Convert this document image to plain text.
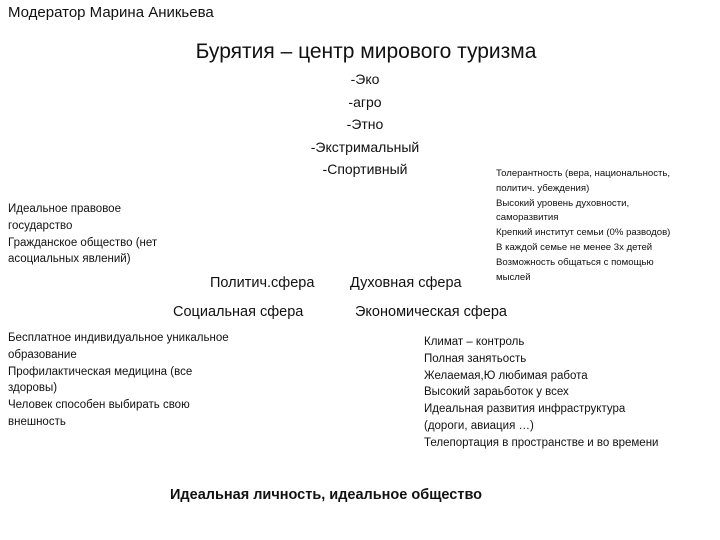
Модератор Марина Аникьева
Бурятия – центр мирового туризма
-Эко
-агро
-Этно
-Экстримальный
-Спортивный	Толерантность (вера, национальность,
политич. убеждения)
Высокий уровень духовности,
саморазвития
Крепкий институт семьи (0% разводов)
В каждой семье не менее 3х детей
Возможность общаться с помощью
мыслей
Идеальное правовое
государство
Гражданское общество (нет
асоциальных явлений)
Политич.сфера Духовная сфера
Социальная сфера	Экономическая сфера
Бесплатное индивидуальное уникальное
образование
Профилактическая медицина (все
здоровы)
Человек способен выбирать свою
внешность
Климат – контроль
Полная занятьость
Желаемая,Ю любимая работа
Высокий зараьботок у всех
Идеальная развития инфраструктура
(дороги, авиация …)
Телепортация в пространстве и во времени
Идеальная личность, идеальное общество
